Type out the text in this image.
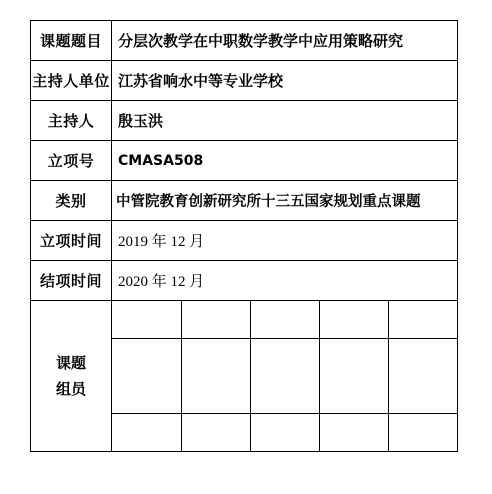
课题题目	分层次教学在中职数学教学中应用策略研究
主持人单位	江苏省响水中等专业学校
主持人	殷玉洪
立项号	CMASA508
类别	中管院教育创新研究所十三五国家规划重点课题
立项时间	2019 年 12 月
结项时间	2020 年 12 月

课题
组员
